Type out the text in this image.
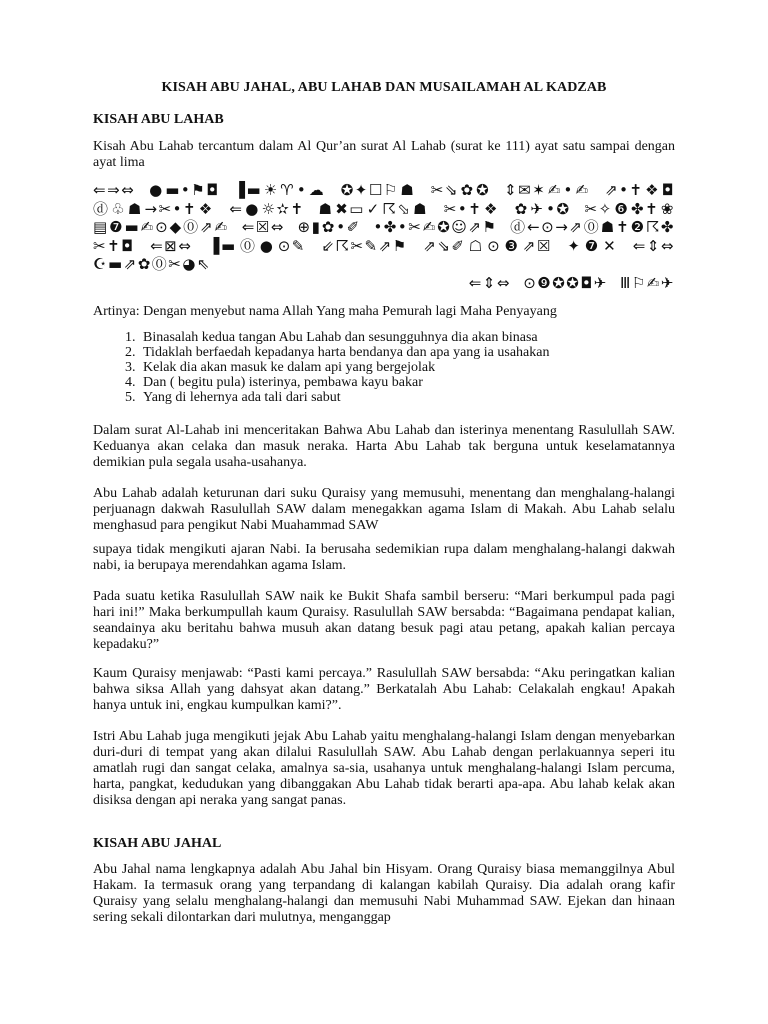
KISAH ABU JAHAL, ABU LAHAB DAN MUSAILAMAH AL KADZAB
KISAH ABU LAHAB

Kisah Abu Lahab tercantum dalam Al Qur’an surat Al Lahab (surat ke 111) ayat satu sampai dengan ayat lima

⇐⇒⇔ ●▬•⚑◘ ▐▬☀♈•☁ ✪✦☐⚐☗ ✂⇘✿✪ ⇕✉✶✍•✍ ⇗•✝❖◘ ⓓ♧☗→✂•✝❖ ⇐●☼✫✝ ☗✖▭✓☈⬂☗ ✂•✝❖ ✿✈•✪ ✂✧❻✤✝❀ ▤❼▬✍⊙◆⓪⇗✍ ⇐☒⇔ ⊕▮✿•✐ •✤•✂✍✪☺⇗⚑ ⓓ←⊙→⇗⓪☗✝❷☈✤✂✝◘ ⇐⊠⇔ ▐▬⓪●⊙✎ ⇙☈✂✎⇗⚑ ⇗⇘✐☖⊙❸⇗☒ ✦❼✕ ⇐⇕⇔ ☪▬⇗✿⓪✂◕⇖
⇐⇕⇔ ⊙❾✪✪◘✈ Ⅲ⚐✍✈

Artinya: Dengan menyebut nama Allah Yang maha Pemurah lagi Maha Penyayang

1. Binasalah kedua tangan Abu Lahab dan sesungguhnya dia akan binasa
2. Tidaklah berfaedah kepadanya harta bendanya dan apa yang ia usahakan
3. Kelak dia akan masuk ke dalam api yang bergejolak
4. Dan ( begitu pula) isterinya, pembawa kayu bakar
5. Yang di lehernya ada tali dari sabut

Dalam surat Al-Lahab ini menceritakan Bahwa Abu Lahab dan isterinya menentang Rasulullah SAW. Keduanya akan celaka dan masuk neraka. Harta Abu Lahab tak berguna untuk keselamatannya demikian pula segala usaha-usahanya.

Abu Lahab adalah keturunan dari suku Quraisy yang memusuhi, menentang dan menghalang-halangi perjuanagn dakwah Rasulullah SAW dalam menegakkan agama Islam di Makah. Abu Lahab selalu menghasud para pengikut Nabi Muahammad SAW

supaya tidak mengikuti ajaran Nabi. Ia berusaha sedemikian rupa dalam menghalang-halangi dakwah nabi, ia berupaya merendahkan agama Islam.

Pada suatu ketika Rasulullah SAW naik ke Bukit Shafa sambil berseru: “Mari berkumpul pada pagi hari ini!” Maka berkumpullah kaum Quraisy. Rasulullah SAW bersabda: “Bagaimana pendapat kalian, seandainya aku beritahu bahwa musuh akan datang besuk pagi atau petang, apakah kalian percaya kepadaku?”

Kaum Quraisy menjawab: “Pasti kami percaya.” Rasulullah SAW bersabda: “Aku peringatkan kalian bahwa siksa Allah yang dahsyat akan datang.” Berkatalah Abu Lahab: Celakalah engkau! Apakah hanya untuk ini, engkau kumpulkan kami?”.

Istri Abu Lahab juga mengikuti jejak Abu Lahab yaitu menghalang-halangi Islam dengan menyebarkan duri-duri di tempat yang akan dilalui Rasulullah SAW. Abu Lahab dengan perlakuannya seperi itu amatlah rugi dan sangat celaka, amalnya sa-sia, usahanya untuk menghalang-halangi Islam percuma, harta, pangkat, kedudukan yang dibanggakan Abu Lahab tidak berarti apa-apa. Abu lahab kelak akan disiksa dengan api neraka yang sangat panas.

KISAH ABU JAHAL

Abu Jahal nama lengkapnya adalah Abu Jahal bin Hisyam. Orang Quraisy biasa memanggilnya Abul Hakam. Ia termasuk orang yang terpandang di kalangan kabilah Quraisy. Dia adalah orang kafir Quraisy yang selalu menghalang-halangi dan memusuhi Nabi Muhammad SAW. Ejekan dan hinaan sering sekali dilontarkan dari mulutnya, menganggap
